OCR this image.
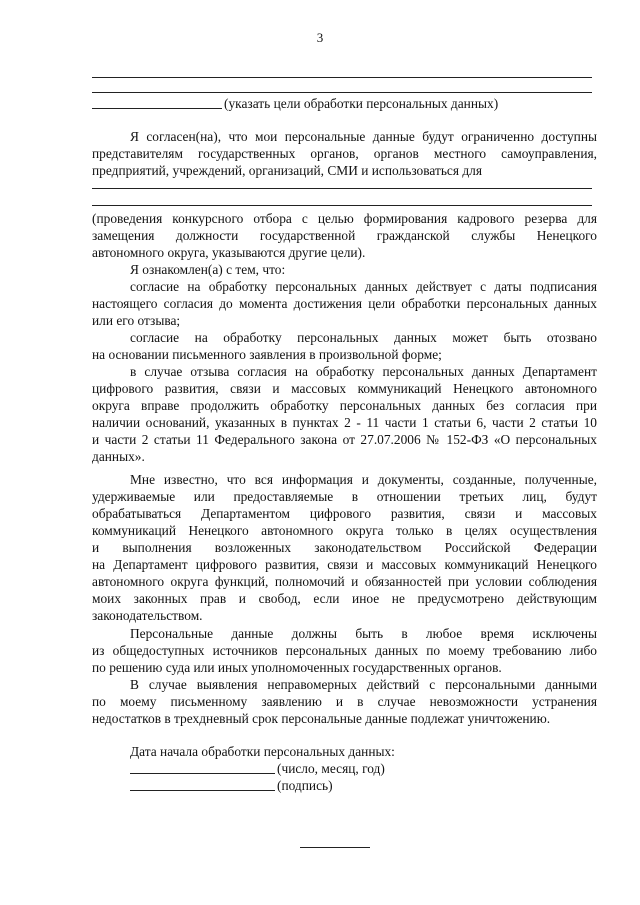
3
(указать цели обработки персональных данных)
Я согласен(на), что мои персональные данные будут ограниченно доступны
представителям государственных органов, органов местного самоуправления,
предприятий, учреждений, организаций, СМИ и использоваться для
(проведения конкурсного отбора с целью формирования кадрового резерва для
замещения должности государственной гражданской службы Ненецкого
автономного округа, указываются другие цели).
Я ознакомлен(а) с тем, что:
согласие на обработку персональных данных действует с даты подписания
настоящего согласия до момента достижения цели обработки персональных данных
или его отзыва;
согласие на обработку персональных данных может быть отозвано
на основании письменного заявления в произвольной форме;
в случае отзыва согласия на обработку персональных данных Департамент
цифрового развития, связи и массовых коммуникаций Ненецкого автономного
округа вправе продолжить обработку персональных данных без согласия при
наличии оснований, указанных в пунктах 2 - 11 части 1 статьи 6, части 2 статьи 10
и части 2 статьи 11 Федерального закона от 27.07.2006 № 152-ФЗ «О персональных
данных».
Мне известно, что вся информация и документы, созданные, полученные,
удерживаемые или предоставляемые в отношении третьих лиц, будут
обрабатываться Департаментом цифрового развития, связи и массовых
коммуникаций Ненецкого автономного округа только в целях осуществления
и выполнения возложенных законодательством Российской Федерации
на Департамент цифрового развития, связи и массовых коммуникаций Ненецкого
автономного округа функций, полномочий и обязанностей при условии соблюдения
моих законных прав и свобод, если иное не предусмотрено действующим
законодательством.
Персональные данные должны быть в любое время исключены
из общедоступных источников персональных данных по моему требованию либо
по решению суда или иных уполномоченных государственных органов.
В случае выявления неправомерных действий с персональными данными
по моему письменному заявлению и в случае невозможности устранения
недостатков в трехдневный срок персональные данные подлежат уничтожению.
Дата начала обработки персональных данных:
(число, месяц, год)
(подпись)
